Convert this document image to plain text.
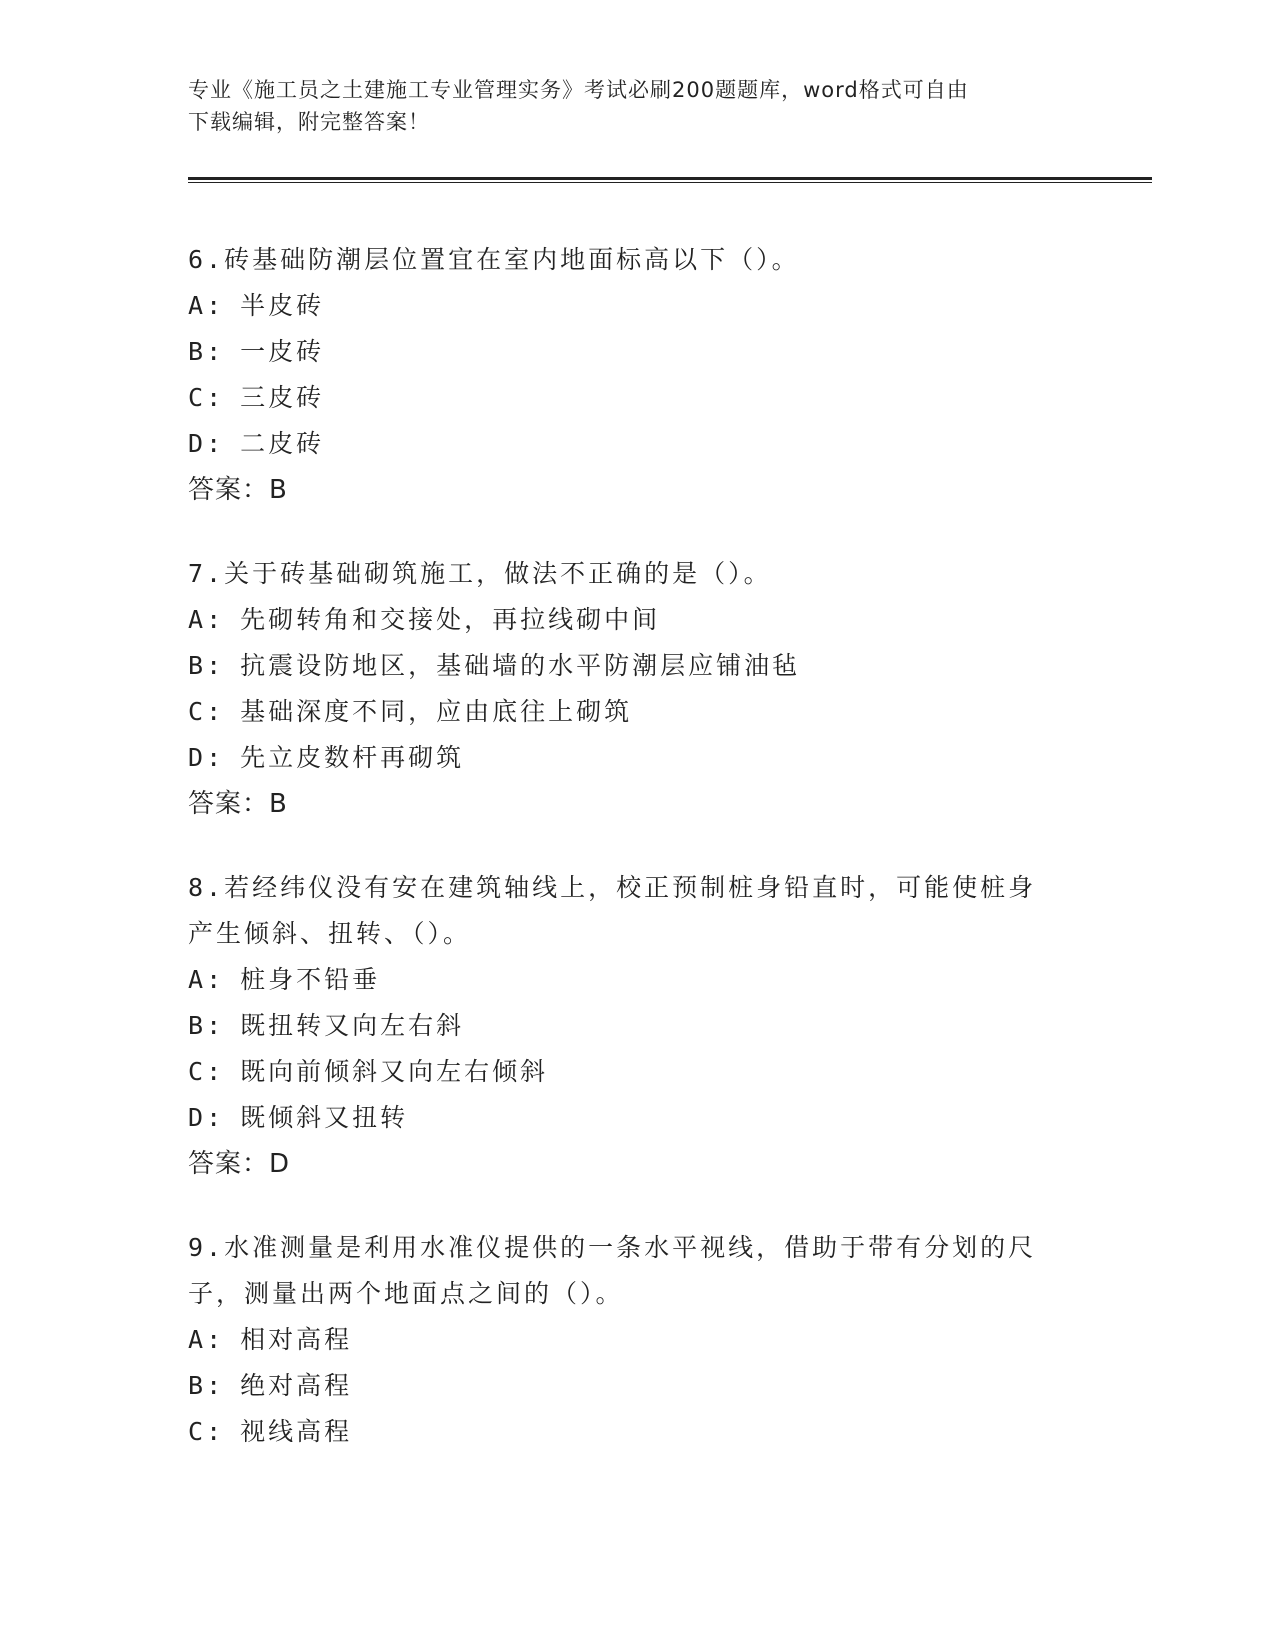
专业《施工员之土建施工专业管理实务》考试必刷200题题库，word格式可自由
下载编辑，附完整答案！
6.砖基础防潮层位置宜在室内地面标高以下（）。
A: 半皮砖
B: 一皮砖
C: 三皮砖
D: 二皮砖
答案：B
7.关于砖基础砌筑施工，做法不正确的是（）。
A: 先砌转角和交接处，再拉线砌中间
B: 抗震设防地区，基础墙的水平防潮层应铺油毡
C: 基础深度不同，应由底往上砌筑
D: 先立皮数杆再砌筑
答案：B
8.若经纬仪没有安在建筑轴线上，校正预制桩身铅直时，可能使桩身
产生倾斜、扭转、（）。
A: 桩身不铅垂
B: 既扭转又向左右斜
C: 既向前倾斜又向左右倾斜
D: 既倾斜又扭转
答案：D
9.水准测量是利用水准仪提供的一条水平视线，借助于带有分划的尺
子，测量出两个地面点之间的（）。
A: 相对高程
B: 绝对高程
C: 视线高程
